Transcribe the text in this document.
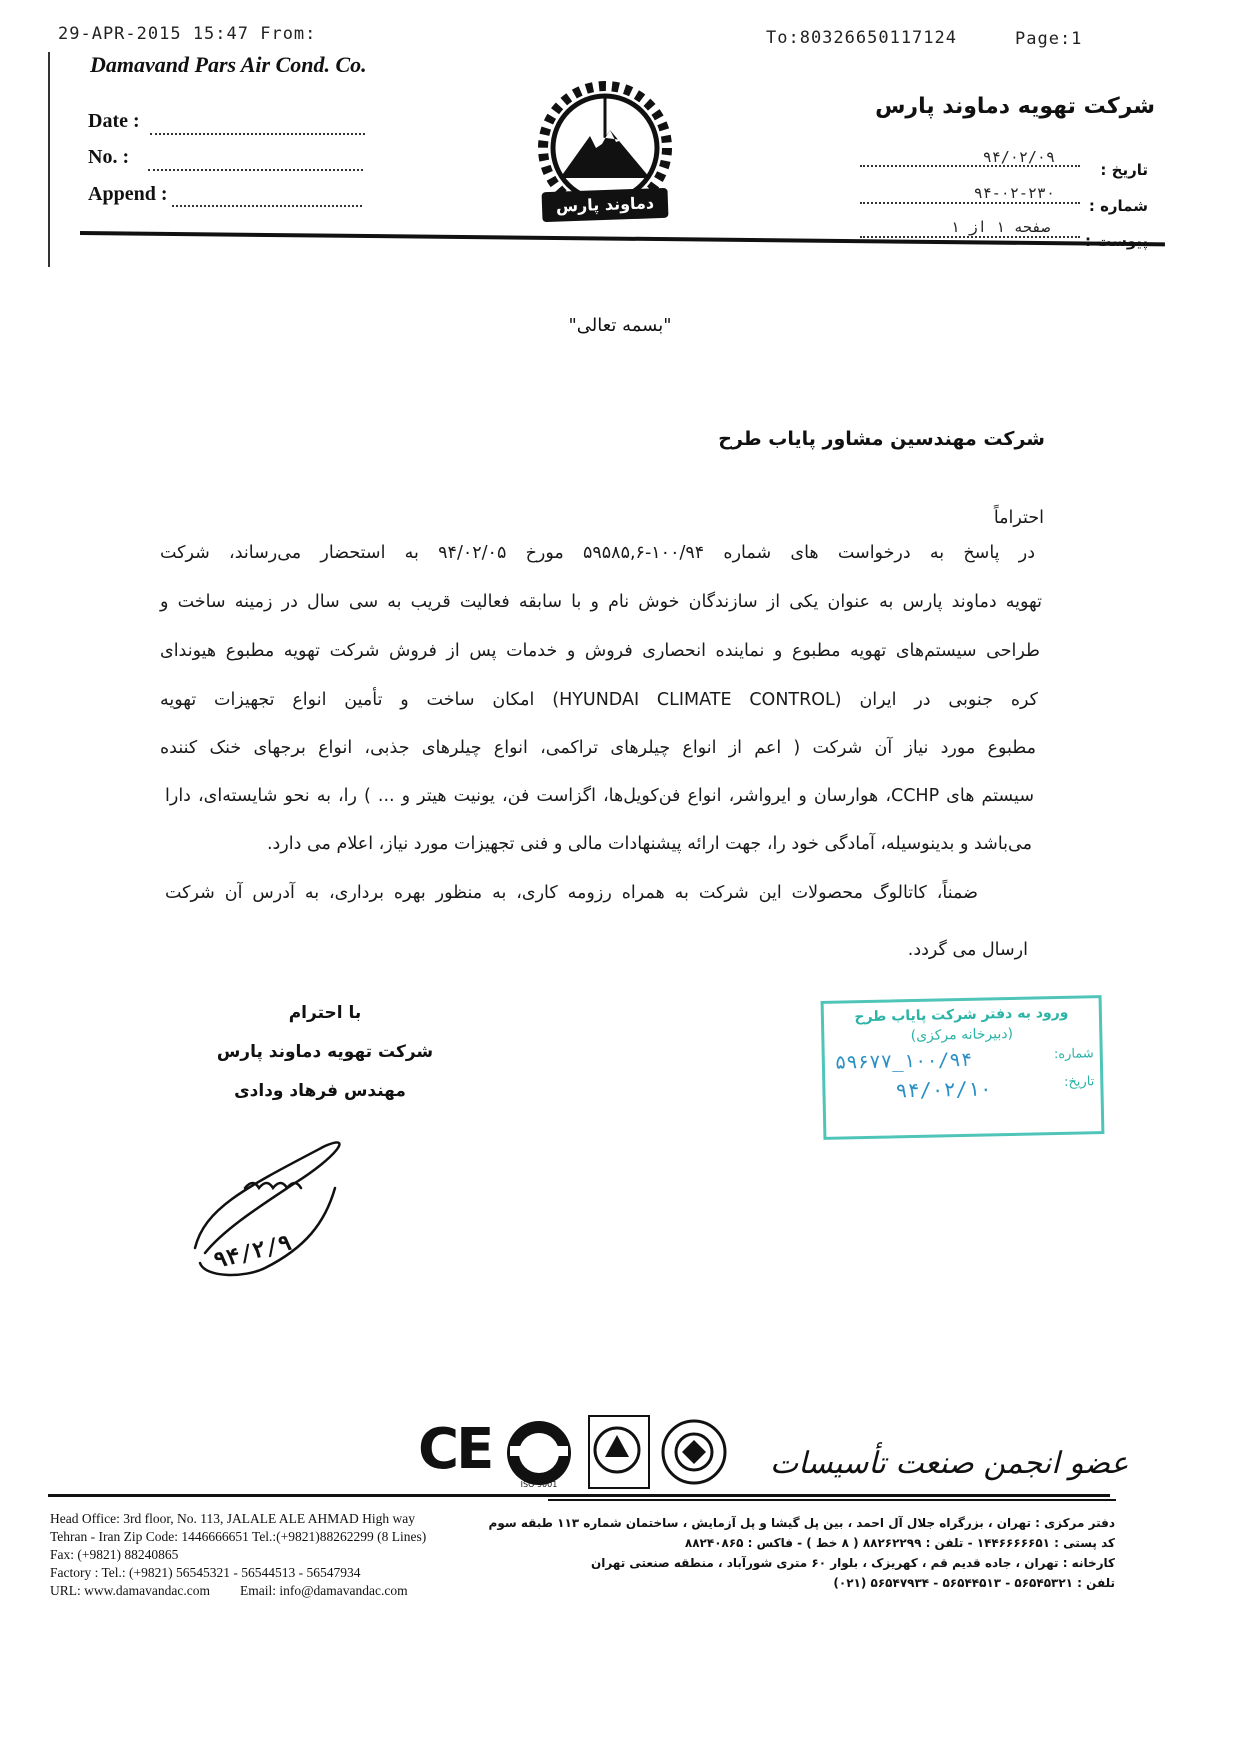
29-APR-2015 15:47 From:	To:80326650117124	Page:1
Damavand Pars Air Cond. Co.
Date :
No. :
Append :	دماوند پارس
شرکت تهویه دماوند پارس
تاریخ :
۹۴/۰۲/۰۹
شماره :
۹۴-۰۲-۲۳۰
پیوست :
صفحه ۱ از ۱
"بسمه تعالی"
شرکت مهندسین مشاور پایاب طرح
احتراماً
در پاسخ به درخواست های شماره ۱۰۰/۹۴-۵۹۵۸۵,۶ مورخ ۹۴/۰۲/۰۵ به استحضار می‌رساند، شرکت
تهویه دماوند پارس به عنوان یکی از سازندگان خوش نام و با سابقه فعالیت قریب به سی سال در زمینه ساخت و
طراحی سیستم‌های تهویه مطبوع و نماینده انحصاری فروش و خدمات پس از فروش شرکت تهویه مطبوع هیوندای
کره جنوبی در ایران (HYUNDAI CLIMATE CONTROL) امکان ساخت و تأمین انواع تجهیزات تهویه
مطبوع مورد نیاز آن شرکت ( اعم از انواع چیلرهای تراکمی، انواع چیلرهای جذبی، انواع برجهای خنک کننده
سیستم های CCHP، هوارسان و ایرواشر، انواع فن‌کویل‌ها، اگزاست فن، یونیت هیتر و ... ) را، به نحو شایسته‌ای، دارا
می‌باشد و بدینوسیله، آمادگی خود را، جهت ارائه پیشنهادات مالی و فنی تجهیزات مورد نیاز، اعلام می دارد.
ضمناً، کاتالوگ محصولات این شرکت به همراه رزومه کاری، به منظور بهره برداری، به آدرس آن شرکت
ارسال می گردد.
ورود به دفتر شرکت پایاب طرح
(دبیرخانه مرکزی)
شماره:
۱۰۰/۹۴_۵۹۶۷۷
تاریخ:
۹۴/۰۲/۱۰
با احترام
شرکت تهویه دماوند پارس
مهندس فرهاد ودادی
۹۴/۲/۹
CE
ISO 9001
عضو انجمن صنعت تأسیسات
Head Office: 3rd floor, No. 113, JALALE ALE AHMAD High way
Tehran - Iran Zip Code: 1446666651 Tel.:(+9821)88262299 (8 Lines)
Fax: (+9821) 88240865
Factory : Tel.: (+9821) 56545321 - 56544513 - 56547934
URL: www.damavandac.com Email: info@damavandac.com
دفتر مرکزی : تهران ، بزرگراه جلال آل احمد ، بین پل گیشا و پل آزمایش ، ساختمان شماره ۱۱۳ طبقه سوم
کد پستی : ۱۴۴۶۶۶۶۶۵۱ - تلفن : ۸۸۲۶۲۲۹۹ ( ۸ خط ) - فاکس : ۸۸۲۴۰۸۶۵
کارخانه : تهران ، جاده قدیم قم ، کهریزک ، بلوار ۶۰ متری شورآباد ، منطقه صنعتی تهران
تلفن : ۵۶۵۴۵۳۲۱ - ۵۶۵۴۴۵۱۳ - ۵۶۵۴۷۹۳۴ (۰۲۱)
